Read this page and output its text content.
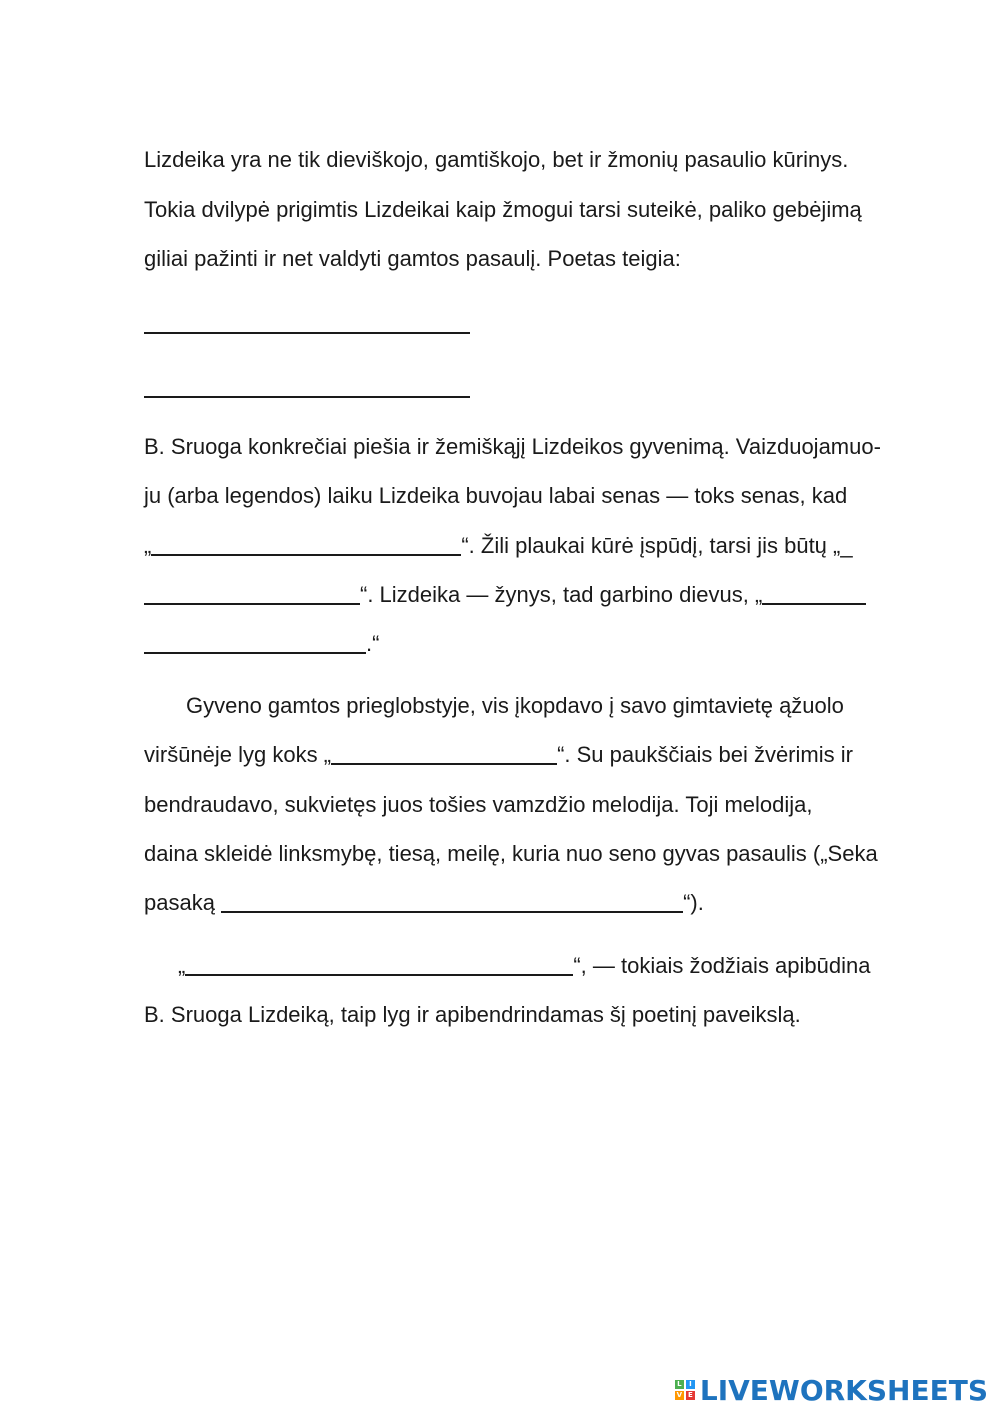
Lizdeika yra ne tik dieviškojo, gamtiškojo, bet ir žmonių pasaulio kūrinys.
Tokia dvilypė prigimtis Lizdeikai kaip žmogui tarsi suteikė, paliko gebėjimą
giliai pažinti ir net valdyti gamtos pasaulį. Poetas teigia:
B. Sruoga konkrečiai piešia ir žemiškąjį Lizdeikos gyvenimą. Vaizduojamuo-
ju (arba legendos) laiku Lizdeika buvojau labai senas — toks senas, kad
„	“. Žili plaukai kūrė įspūdį, tarsi jis būtų „_
“. Lizdeika — žynys, tad garbino dievus, „
.“
Gyveno gamtos prieglobstyje, vis įkopdavo į savo gimtavietę ąžuolo
viršūnėje lyg koks „	“. Su paukščiais bei žvėrimis ir
bendraudavo, sukvietęs juos tošies vamzdžio melodija. Toji melodija,
daina skleidė linksmybę, tiesą, meilę, kuria nuo seno gyvas pasaulis („Seka
pasaką	“).
„	“, — tokiais žodžiais apibūdina
B. Sruoga Lizdeiką, taip lyg ir apibendrindamas šį poetinį paveikslą.
L	I
V E LIVEWORKSHEETS
